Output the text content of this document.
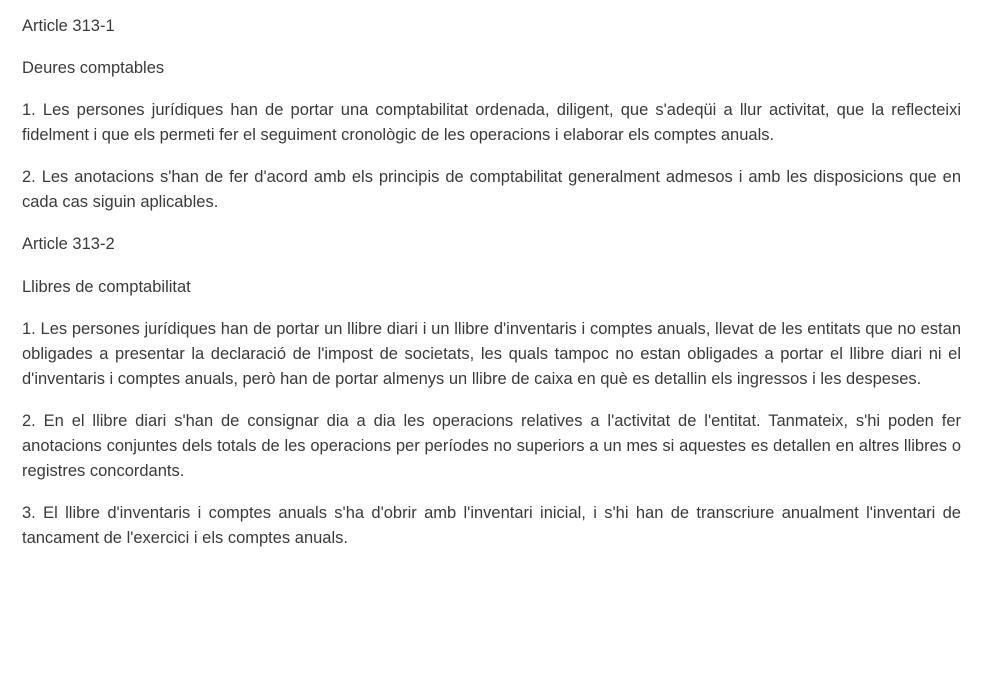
Article 313-1
Deures comptables

1. Les persones jurídiques han de portar una comptabilitat ordenada, diligent, que s'adeqüi a llur activitat, que la reflecteixi fidelment i que els permeti fer el seguiment cronològic de les operacions i elaborar els comptes anuals.

2. Les anotacions s'han de fer d'acord amb els principis de comptabilitat generalment admesos i amb les disposicions que en cada cas siguin aplicables.

Article 313-2
Llibres de comptabilitat

1. Les persones jurídiques han de portar un llibre diari i un llibre d'inventaris i comptes anuals, llevat de les entitats que no estan obligades a presentar la declaració de l'impost de societats, les quals tampoc no estan obligades a portar el llibre diari ni el d'inventaris i comptes anuals, però han de portar almenys un llibre de caixa en què es detallin els ingressos i les despeses.

2. En el llibre diari s'han de consignar dia a dia les operacions relatives a l'activitat de l'entitat. Tanmateix, s'hi poden fer anotacions conjuntes dels totals de les operacions per períodes no superiors a un mes si aquestes es detallen en altres llibres o registres concordants.

3. El llibre d'inventaris i comptes anuals s'ha d'obrir amb l'inventari inicial, i s'hi han de transcriure anualment l'inventari de tancament de l'exercici i els comptes anuals.
